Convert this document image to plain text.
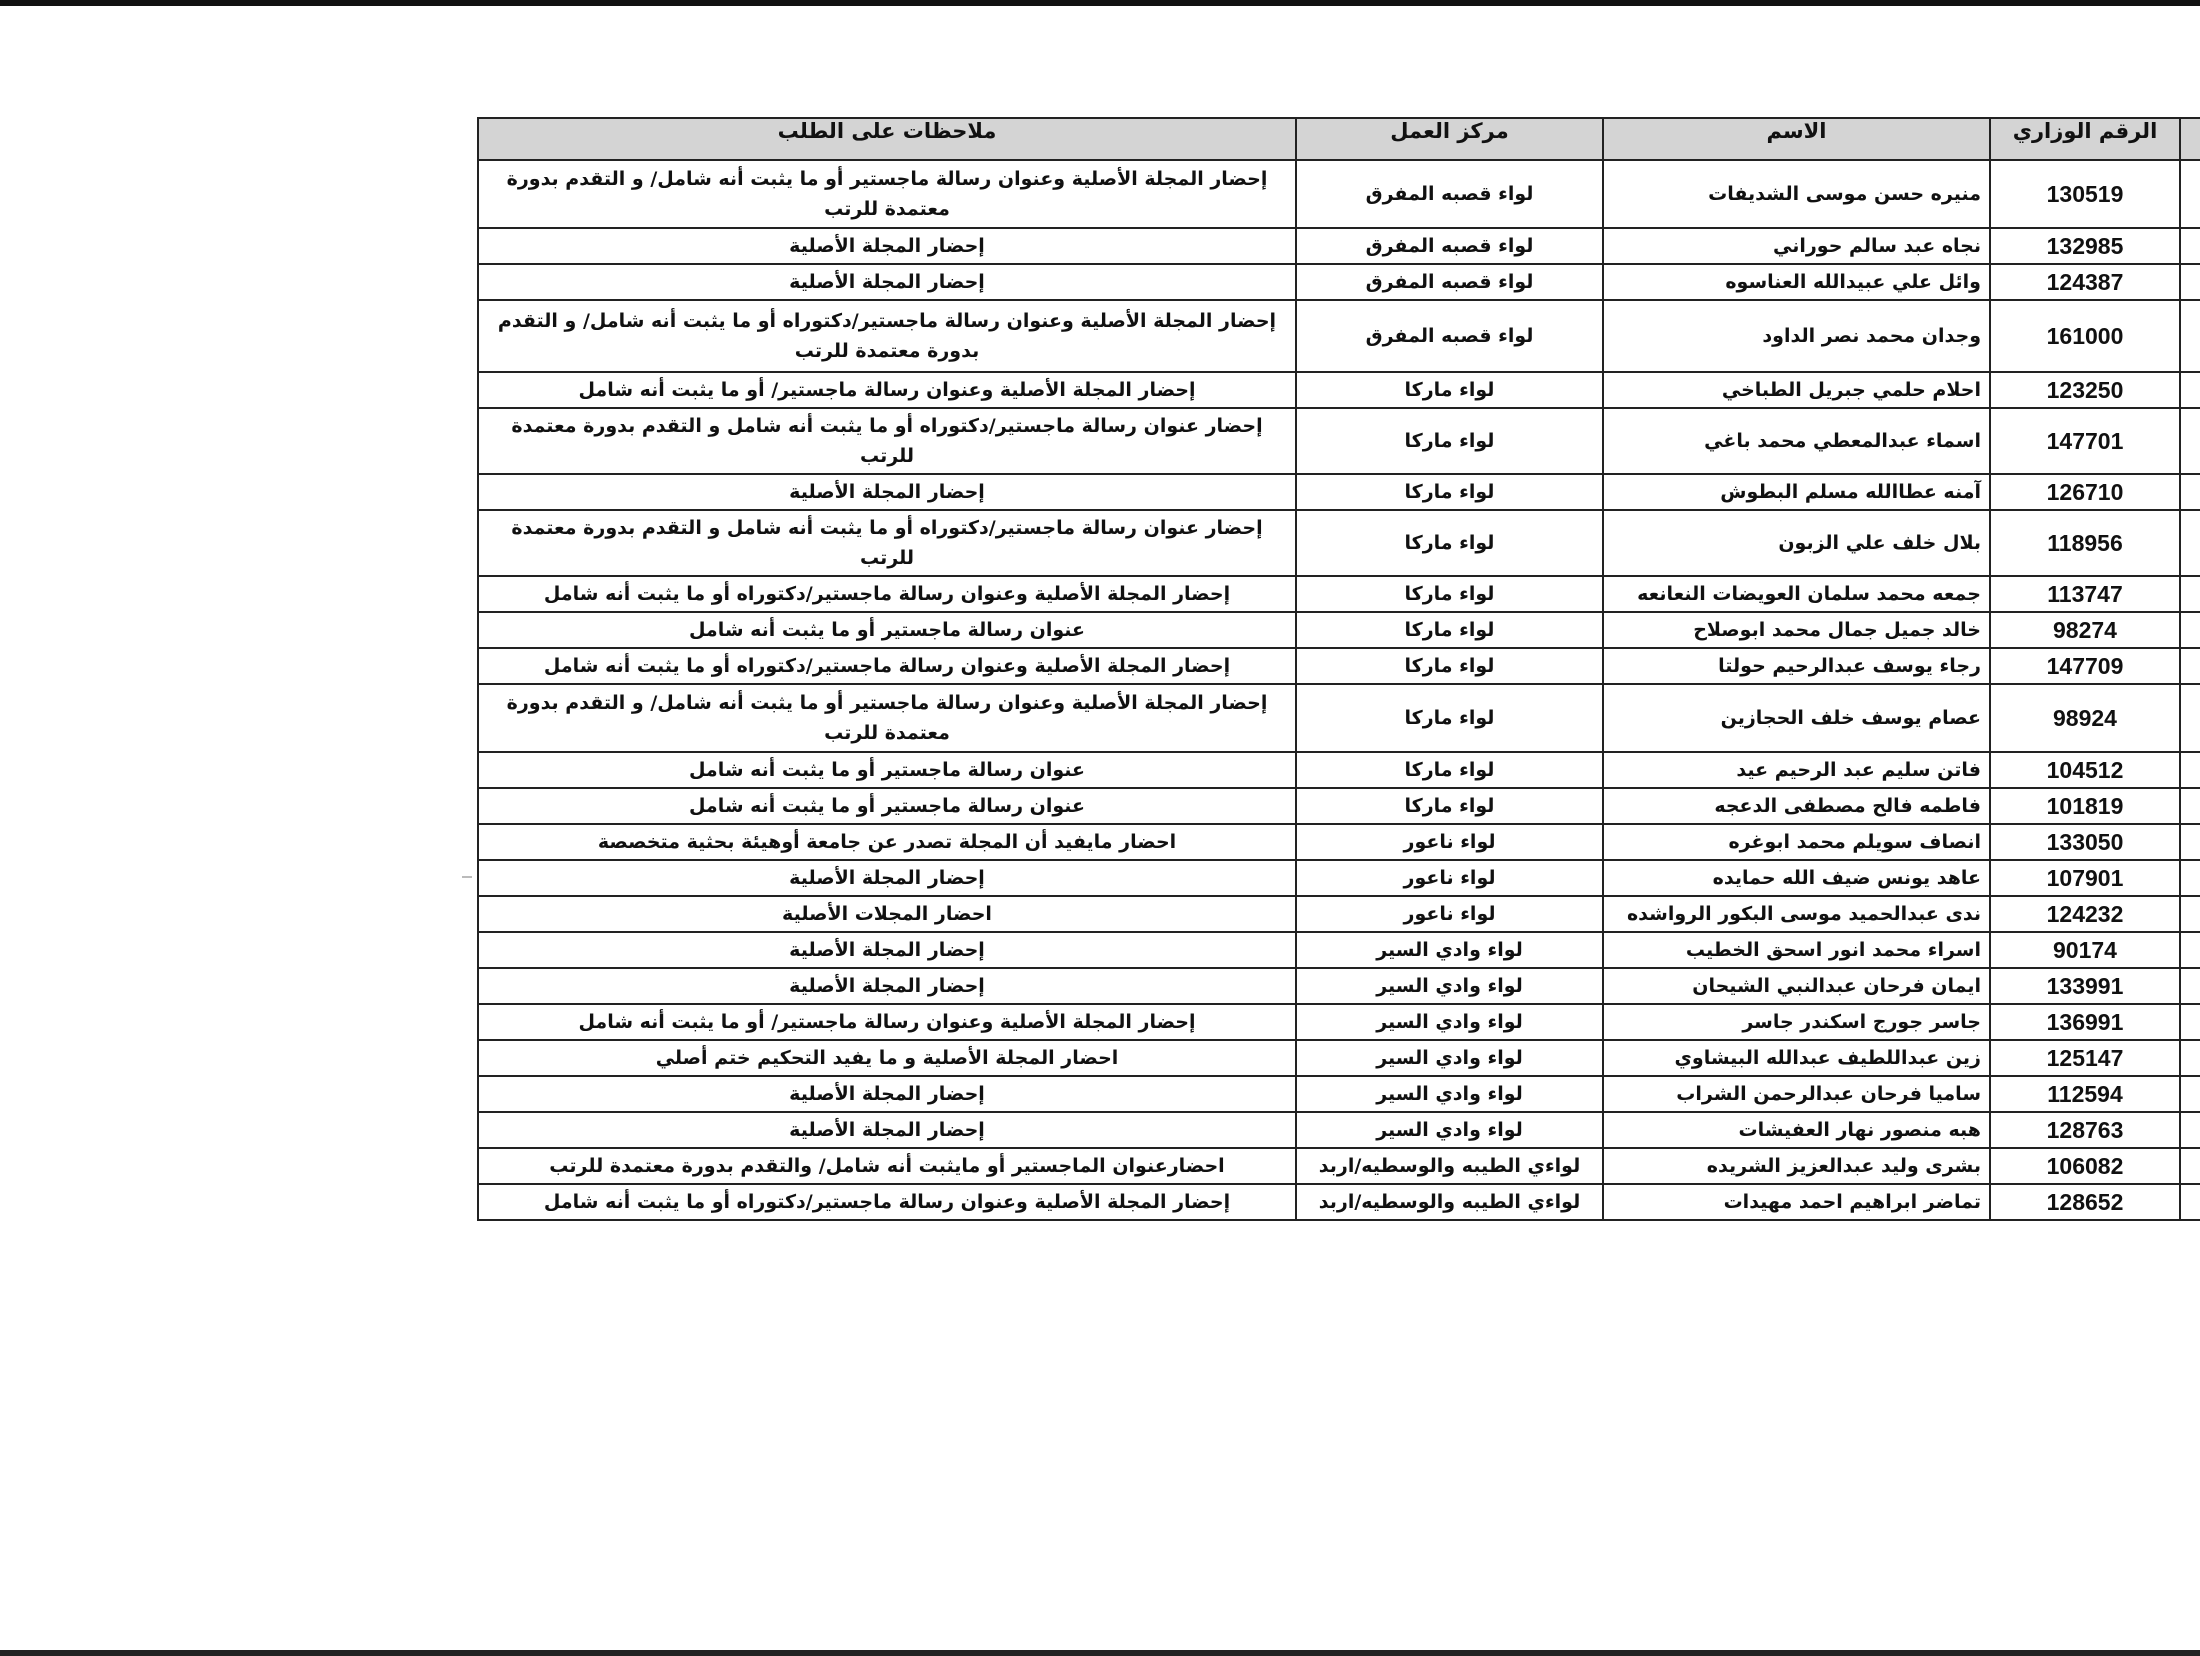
	الرقم الوزاري	الاسم	مركز العمل	ملاحظات على الطلب
	130519	منيره حسن موسى الشديفات	لواء قصبه المفرق	إحضار المجلة الأصلية وعنوان رسالة ماجستير أو ما يثبت أنه شامل/ و التقدم بدورة معتمدة للرتب
	132985	نجاه عبد سالم حوراني	لواء قصبه المفرق	إحضار المجلة الأصلية
	124387	وائل علي عبيدالله العناسوه	لواء قصبه المفرق	إحضار المجلة الأصلية
	161000	وجدان محمد نصر الداود	لواء قصبه المفرق	إحضار المجلة الأصلية وعنوان رسالة ماجستير/دكتوراه أو ما يثبت أنه شامل/ و التقدم بدورة معتمدة للرتب
	123250	احلام حلمي جبريل الطباخي	لواء ماركا	إحضار المجلة الأصلية وعنوان رسالة ماجستير/ أو ما يثبت أنه شامل
	147701	اسماء عبدالمعطي محمد باغي	لواء ماركا	إحضار عنوان رسالة ماجستير/دكتوراه أو ما يثبت أنه شامل و التقدم بدورة معتمدة للرتب
	126710	آمنه عطاالله مسلم البطوش	لواء ماركا	إحضار المجلة الأصلية
	118956	بلال خلف علي الزبون	لواء ماركا	إحضار عنوان رسالة ماجستير/دكتوراه أو ما يثبت أنه شامل و التقدم بدورة معتمدة للرتب
	113747	جمعه محمد سلمان العويضات النعانعه	لواء ماركا	إحضار المجلة الأصلية وعنوان رسالة ماجستير/دكتوراه أو ما يثبت أنه شامل
	98274	خالد جميل جمال محمد ابوصلاح	لواء ماركا	عنوان رسالة ماجستير أو ما يثبت أنه شامل
	147709	رجاء يوسف عبدالرحيم حولتا	لواء ماركا	إحضار المجلة الأصلية وعنوان رسالة ماجستير/دكتوراه أو ما يثبت أنه شامل
	98924	عصام يوسف خلف الحجازين	لواء ماركا	إحضار المجلة الأصلية وعنوان رسالة ماجستير أو ما يثبت أنه شامل/ و التقدم بدورة معتمدة للرتب
	104512	فاتن سليم عبد الرحيم عيد	لواء ماركا	عنوان رسالة ماجستير أو ما يثبت أنه شامل
	101819	فاطمه فالح مصطفى الدعجه	لواء ماركا	عنوان رسالة ماجستير أو ما يثبت أنه شامل
	133050	انصاف سويلم محمد ابوغره	لواء ناعور	احضار مايفيد أن المجلة تصدر عن جامعة أوهيئة بحثية متخصصة
	107901	عاهد يونس ضيف الله حمايده	لواء ناعور	إحضار المجلة الأصلية
	124232	ندى عبدالحميد موسى البكور الرواشده	لواء ناعور	احضار المجلات الأصلية
	90174	اسراء محمد انور اسحق الخطيب	لواء وادي السير	إحضار المجلة الأصلية
	133991	ايمان فرحان عبدالنبي الشيحان	لواء وادي السير	إحضار المجلة الأصلية
	136991	جاسر جورج اسكندر جاسر	لواء وادي السير	إحضار المجلة الأصلية وعنوان رسالة ماجستير/ أو ما يثبت أنه شامل
	125147	زين عبداللطيف عبدالله البيشاوي	لواء وادي السير	احضار المجلة الأصلية و ما يفيد التحكيم ختم أصلي
	112594	ساميا فرحان عبدالرحمن الشراب	لواء وادي السير	إحضار المجلة الأصلية
	128763	هبه منصور نهار العفيشات	لواء وادي السير	إحضار المجلة الأصلية
	106082	بشرى وليد عبدالعزيز الشريده	لواءي الطيبه والوسطيه/اربد	احضارعنوان الماجستير أو مايثبت أنه شامل/ والتقدم بدورة معتمدة للرتب
	128652	تماضر ابراهيم احمد مهيدات	لواءي الطيبه والوسطيه/اربد	إحضار المجلة الأصلية وعنوان رسالة ماجستير/دكتوراه أو ما يثبت أنه شامل
